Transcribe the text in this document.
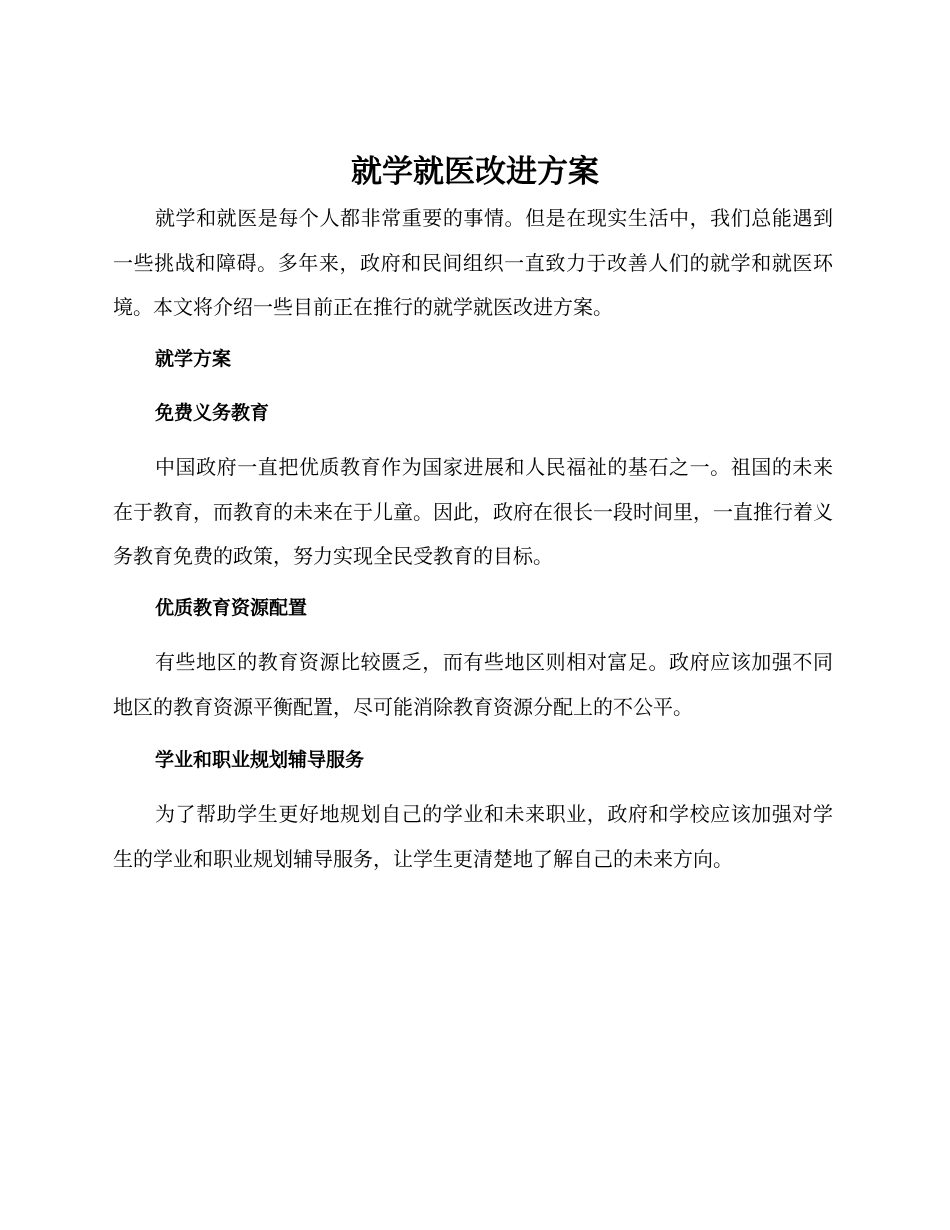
就学就医改进方案

就学和就医是每个人都非常重要的事情。但是在现实生活中，我们总能遇到一些挑战和障碍。多年来，政府和民间组织一直致力于改善人们的就学和就医环境。本文将介绍一些目前正在推行的就学就医改进方案。

就学方案
免费义务教育

中国政府一直把优质教育作为国家进展和人民福祉的基石之一。祖国的未来在于教育，而教育的未来在于儿童。因此，政府在很长一段时间里，一直推行着义务教育免费的政策，努力实现全民受教育的目标。

优质教育资源配置

有些地区的教育资源比较匮乏，而有些地区则相对富足。政府应该加强不同地区的教育资源平衡配置，尽可能消除教育资源分配上的不公平。

学业和职业规划辅导服务

为了帮助学生更好地规划自己的学业和未来职业，政府和学校应该加强对学生的学业和职业规划辅导服务，让学生更清楚地了解自己的未来方向。
